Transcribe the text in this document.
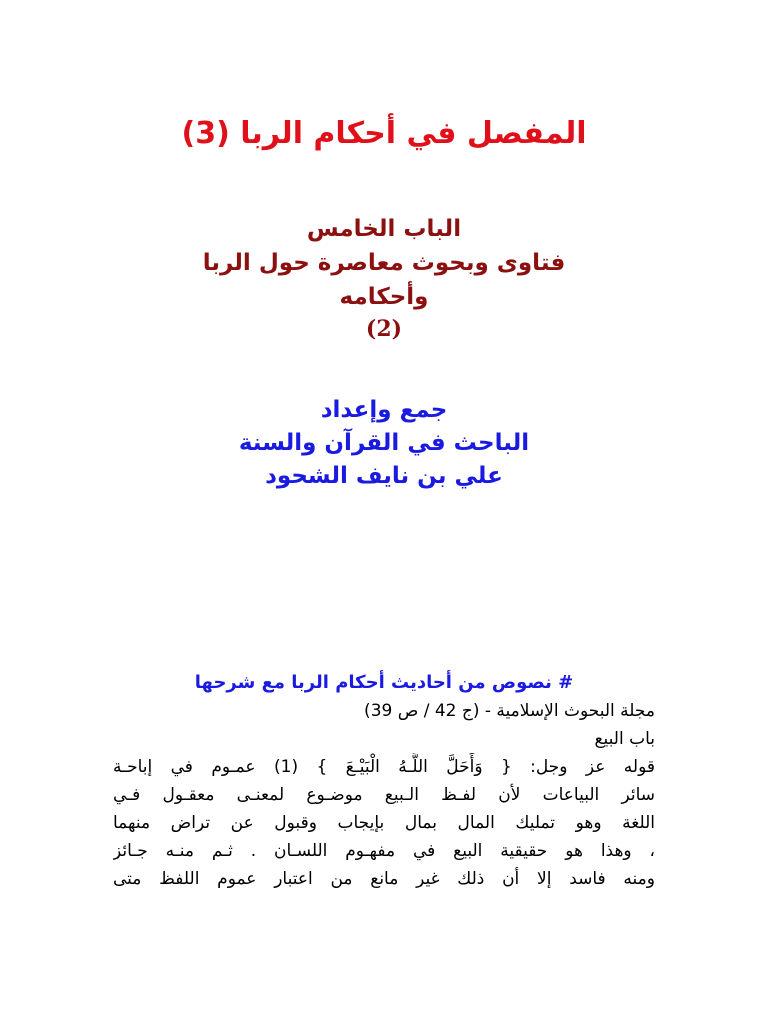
المفصل في أحكام الربا (3)
الباب الخامس
فتاوى وبحوث معاصرة حول الربا
وأحكامه
(2)
جمع وإعداد
الباحث في القرآن والسنة
علي بن نايف الشحود
# نصوص من أحاديث أحكام الربا مع شرحها
مجلة البحوث الإسلامية - (ج 42 / ص 39)
باب البيع
قوله عز وجل: { وَأَحَلَّ اللَّـهُ الْبَيْـعَ } (1) عمـوم في إباحـة
سائر البياعات لأن لفـظ الـبيع موضـوع لمعنـى معقـول فـي
اللغة وهو تمليك المال بمال بإيجاب وقبول عن تراض منهما
، وهذا هو حقيقية البيع في مفهـوم اللسـان . ثـم منـه جـائز
ومنه فاسد إلا أن ذلك غير مانع من اعتبار عموم اللفظ متى
